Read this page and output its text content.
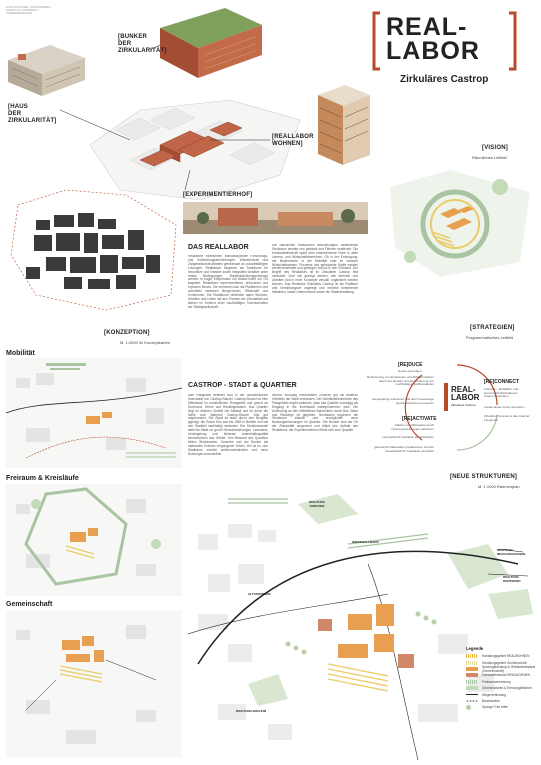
ROSA SCHOSSER · MASTERARBEIT · LEHRSTUHL STÄDTEBAU · SOMMERSEMESTER	REAL-
LABOR
Zirkuläres Castrop
[BUNKER
DER ZIRKULARITÄT]
[HAUS
DER
ZIRKULARITÄT]
[REALLABOR
WOHNEN]
[EXPERIMENTIERHOF]
DAS REALLABOR
Reallabore bezeichnen transdisziplinäre Forschungs- und Entwicklungseinrichtungen. Wissenschaft und Zivilgesellschaft arbeiten gemeinsam an zukunftsfähigen Lösungen. Reallabore fungieren als Testräume für innovative und kreative sowie integrative Ansätze unter realen Bedingungen. Stadtentwicklungsprozesse werden in enger Kooperation mit Akteur:innen vor Ort begleitet. Reallabore experimentieren, erforschen und erproben Neues. Sie vernetzen sich als Plattformen und vermitteln zwischen Bürger:innen, Wirtschaft und Kommunen. Die Reallabore verbinden dabei Wohnen, Arbeiten und Leben mit den Themen der Zirkularität und stehen im Kontext einer nachhaltigen Transformation der Stadtgesellschaft.
von natürlichen Ressourcen beschleunigen. Bestehende Strukturen werden neu gedacht und Flächen reaktiviert. Die Kreislaufwirtschaft spielt eine entscheidende Rolle in allen Lebens- und Wirtschaftsbereichen. Ob in der Entsorgung, der Bauindustrie, in der Mobilität oder im urbanen Wirtschaftswesen. Prozesse und gebrauchte Stoffe werden wiederverwendet und gelangen zurück in den Kreislauf. Der Begriff des Reallabors ist im Zirkulären Castrop fest verankert. Dort soll gezeigt werden, wie Wohnen und Arbeiten durch neue Konzepte zirkulär organisiert werden können. Das Reallabor Zirkuläres Castrop ist als Plattform und Vermittlungsort angelegt und vernetzt bestehende Initiativen, lokale Unternehmen sowie die Stadtverwaltung.
CASTROP - STADT & QUARTIER
Das Plangebiet befindet sich in der nordwestlichen Innenstadt von Castrop-Rauxel. Castrop-Rauxel ist eine Mittelstadt im nordöstlichen Ruhrgebiet und grenzt an Dortmund, Herne und Recklinghausen. Das Quartier liegt im direkten Umfeld der Altstadt und ist durch die Nähe zum Bahnhof Castrop-Rauxel Süd gut angebunden. Die Stadt ist stark durch den Bergbau geprägt, die Zeche Erin war bis 1983 in Betrieb und hat den Stadtteil nachhaltig verändert. Der Strukturwandel stellt die Stadt vor große Herausforderungen. Leerstand, Versiegelung und fehlende Aufenthaltsqualität kennzeichnen das Gebiet. Den Bestand des Quartiers bilden Wohnbauten, Gewerbe und der Bunker als markantes Zeichen vergangener Zeiten. Ziel ist es, den Stadtraum zirkulär weiterzuentwickeln und neue Nutzungen anzusiedeln.
zentral, fußläufig erreichbaren Zentrum gut mit anderen Gebieten der Stadt verbunden. Der Schnittstellenbereich des Plangebiets ergibt weiterhin, dass das Quartier vorrangig als Eingang in die Innenstadt wahrgenommen wird. Die Anbindung an den öffentlichen Nahverkehr durch Bus, Bahn und Radwege ist gegeben. Neubauten ergänzen die Strukturen zirkulär und ermöglichen neue Nutzungsmischungen im Quartier. Der Bunker wird als Ort der Zirkularität umgenutzt und bildet den Auftakt des Reallabors, der Experimentierhof öffnet sich zum Quartier.
[VISION]
Räumliches Leitbild
[KONZEPTION]
M. 1:2000 3x Konzeptkarten
[STRATEGIEN]
Programmatisches Leitbild
REAL-
LABOR
Zirkuläres Castrop
[RE]DUCE
Neues vermeiden
Reduzierung von Emissionen und Abfallproduktion durch den Einsatz und die Förderung von nachhaltigen Stoffkreisläufen
Versiegelung reduzieren und durch neuwertige Quartiersstrukturen ersetzen
[RE]ACTIVATE
Flächen und Bauwerke durch Nutzungsmischungen aktivieren
Leerstehende Gebäude wiederbeleben
gebrauchte Materialien (re)aktivieren und der Gesellschaft für Kreisläufe vermitteln
[RE]CONNECT
Freiraum-, Mobilitäts- und Gemeinschaftsstrukturen zusammendenken
Lokale Akteur:innen vernetzen
Zirkuläre Prozesse in das Quartier integrieren
[NEUE STRUKTUREN]
M. 1:1000 Rahmenplan
Mobilität
Freiraum & Kreisläufe
Gemeinschaft
RICHTUNG DORSTEN
RICHTUNG RECKLINGHAUSEN
RICHTUNG DORTMUND
WIEDEHALLBAHN
ALTSTADTRING
RICHTUNG BOCHUM
Legende
Handlungsgebiet REALWOHNEN
Handlungsgebiet Gemeinschaft
Nutzungsbindung & Gebäudebestand (Gemeinschaft)
Gebäudebestand REALWOHNEN
Freiraumvernetzung
Grünstrukturen & Erholungsflächen
Wegeverbindung
Baumkanten
Sponge Tree Allee
